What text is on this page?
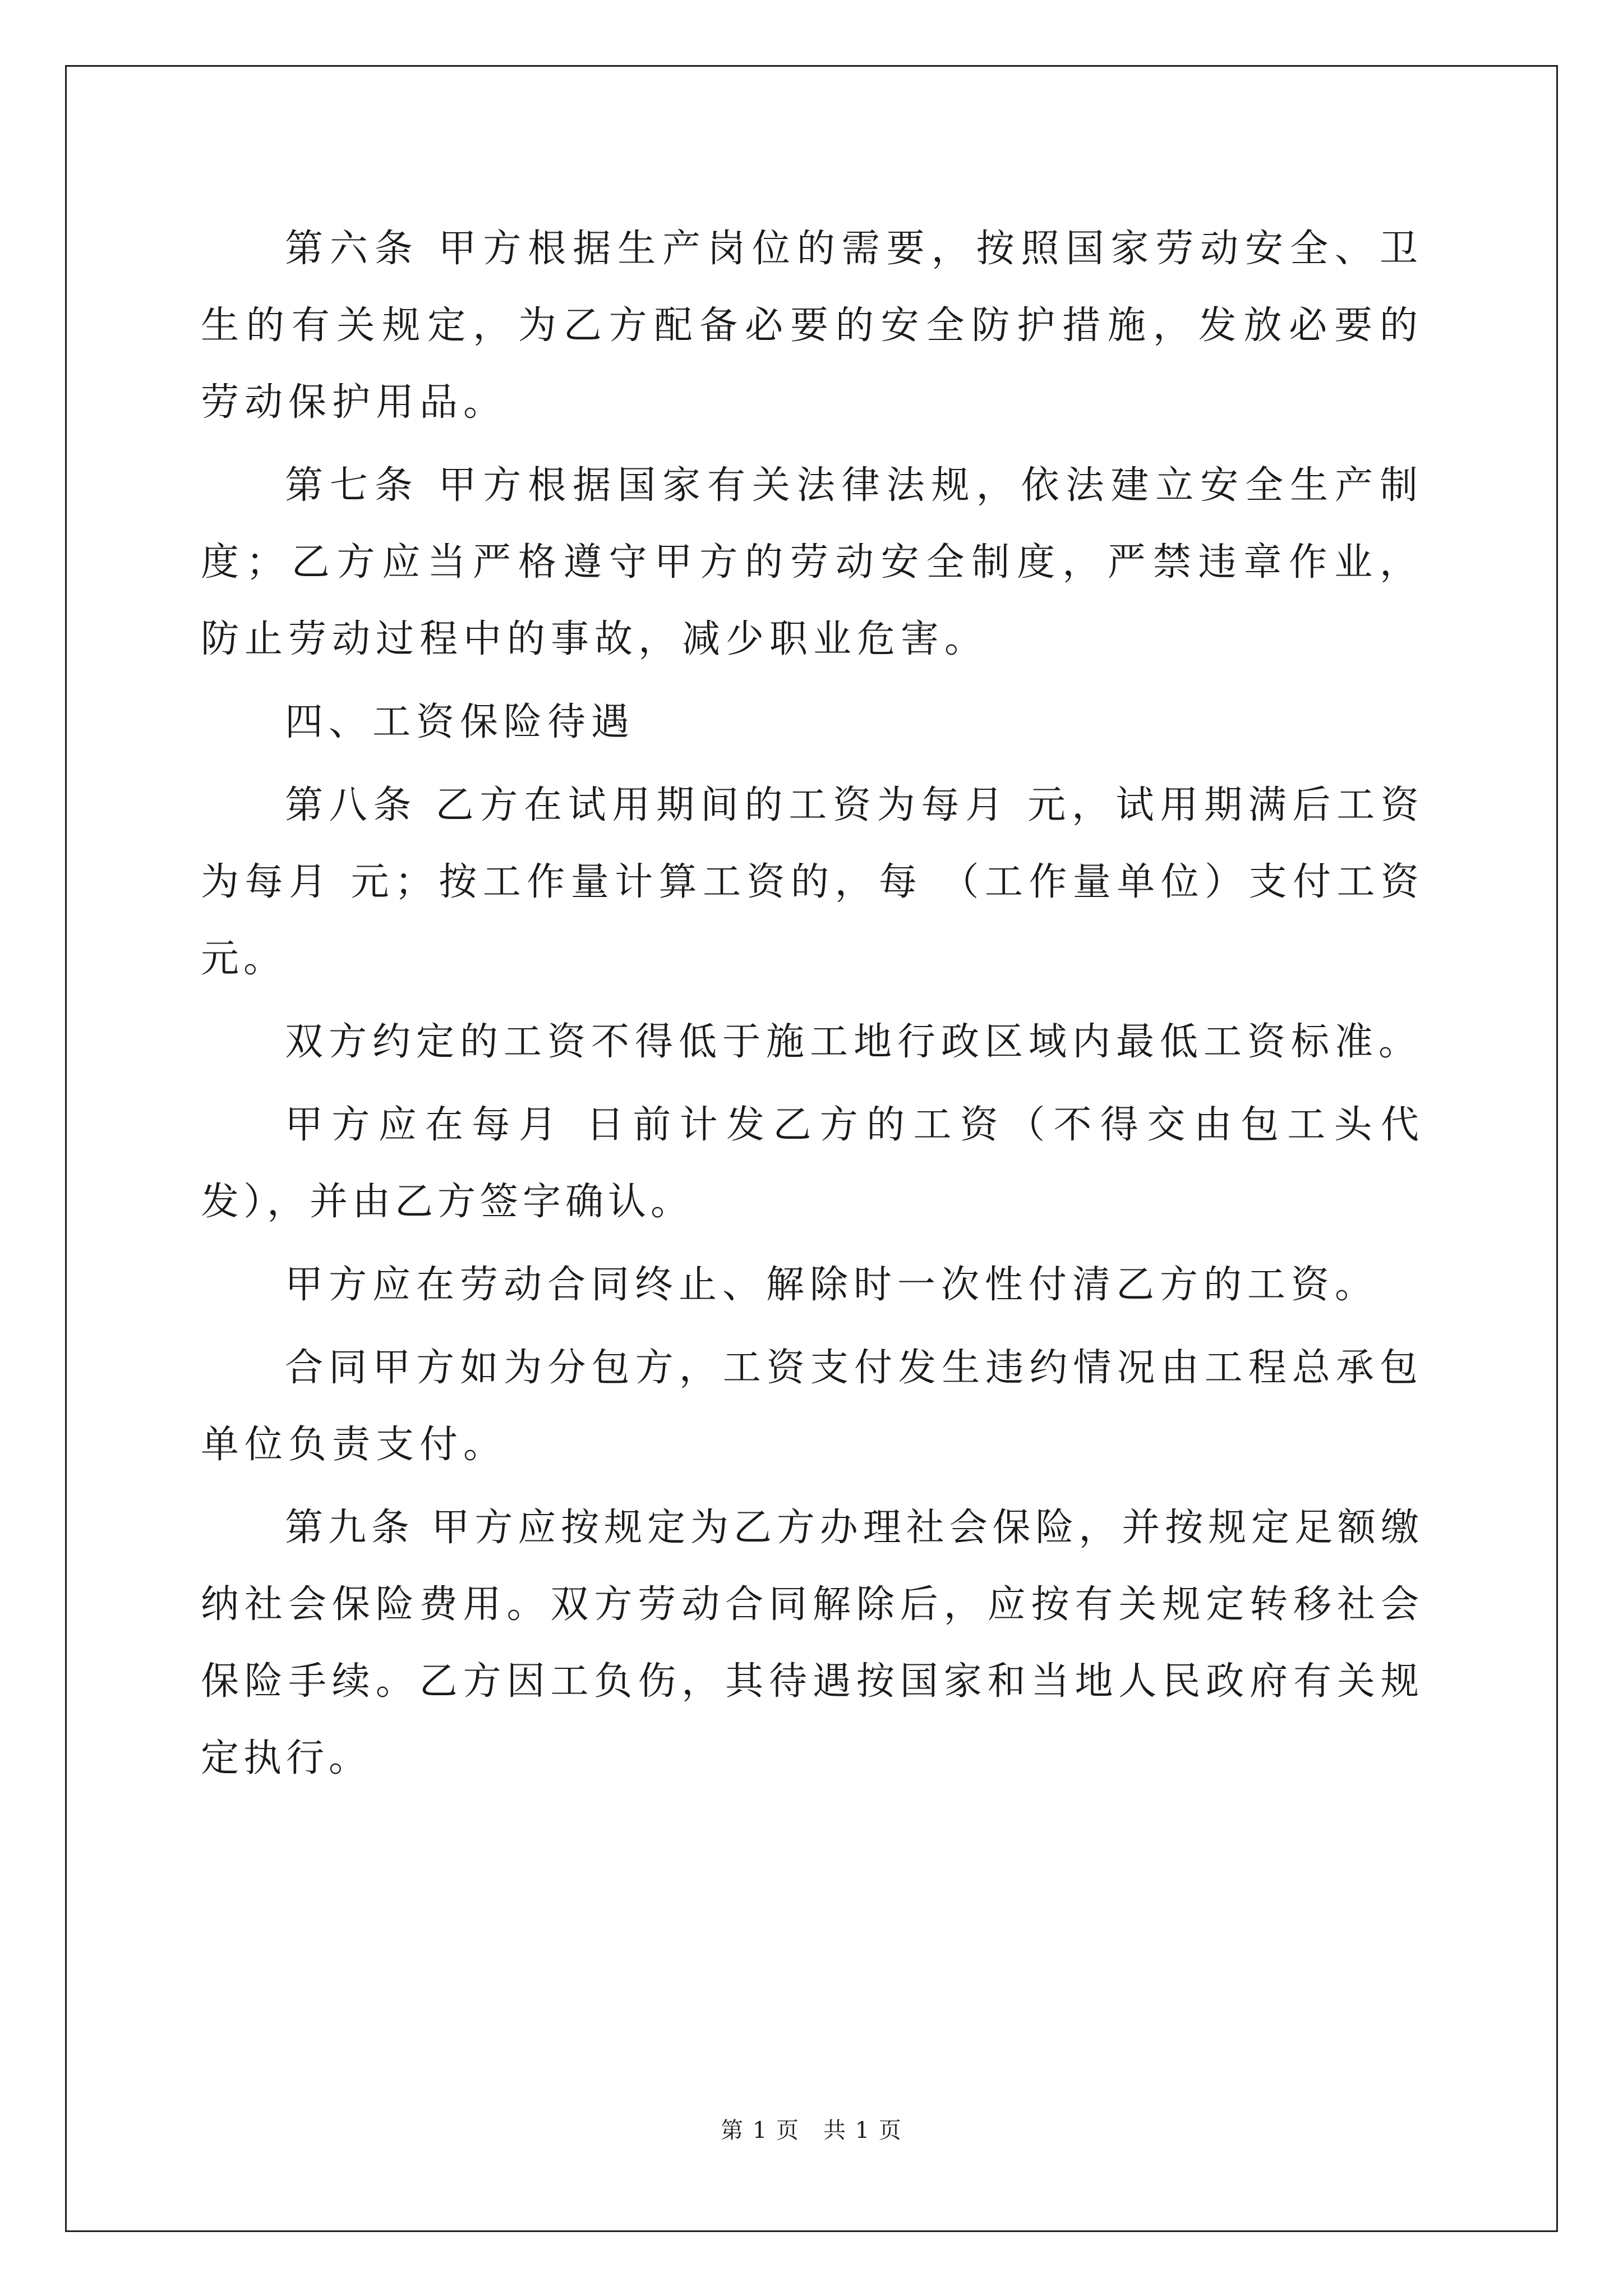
第六条 甲方根据生产岗位的需要，按照国家劳动安全、卫生的有关规定，为乙方配备必要的安全防护措施，发放必要的劳动保护用品。

第七条 甲方根据国家有关法律法规，依法建立安全生产制度；乙方应当严格遵守甲方的劳动安全制度，严禁违章作业，防止劳动过程中的事故，减少职业危害。

四、工资保险待遇

第八条 乙方在试用期间的工资为每月 元，试用期满后工资为每月 元；按工作量计算工资的，每 （工作量单位）支付工资 元。

双方约定的工资不得低于施工地行政区域内最低工资标准。

甲方应在每月 日前计发乙方的工资（不得交由包工头代发），并由乙方签字确认。

甲方应在劳动合同终止、解除时一次性付清乙方的工资。

合同甲方如为分包方，工资支付发生违约情况由工程总承包单位负责支付。

第九条 甲方应按规定为乙方办理社会保险，并按规定足额缴纳社会保险费用。双方劳动合同解除后，应按有关规定转移社会保险手续。乙方因工负伤，其待遇按国家和当地人民政府有关规定执行。

第 1 页　共 1 页
